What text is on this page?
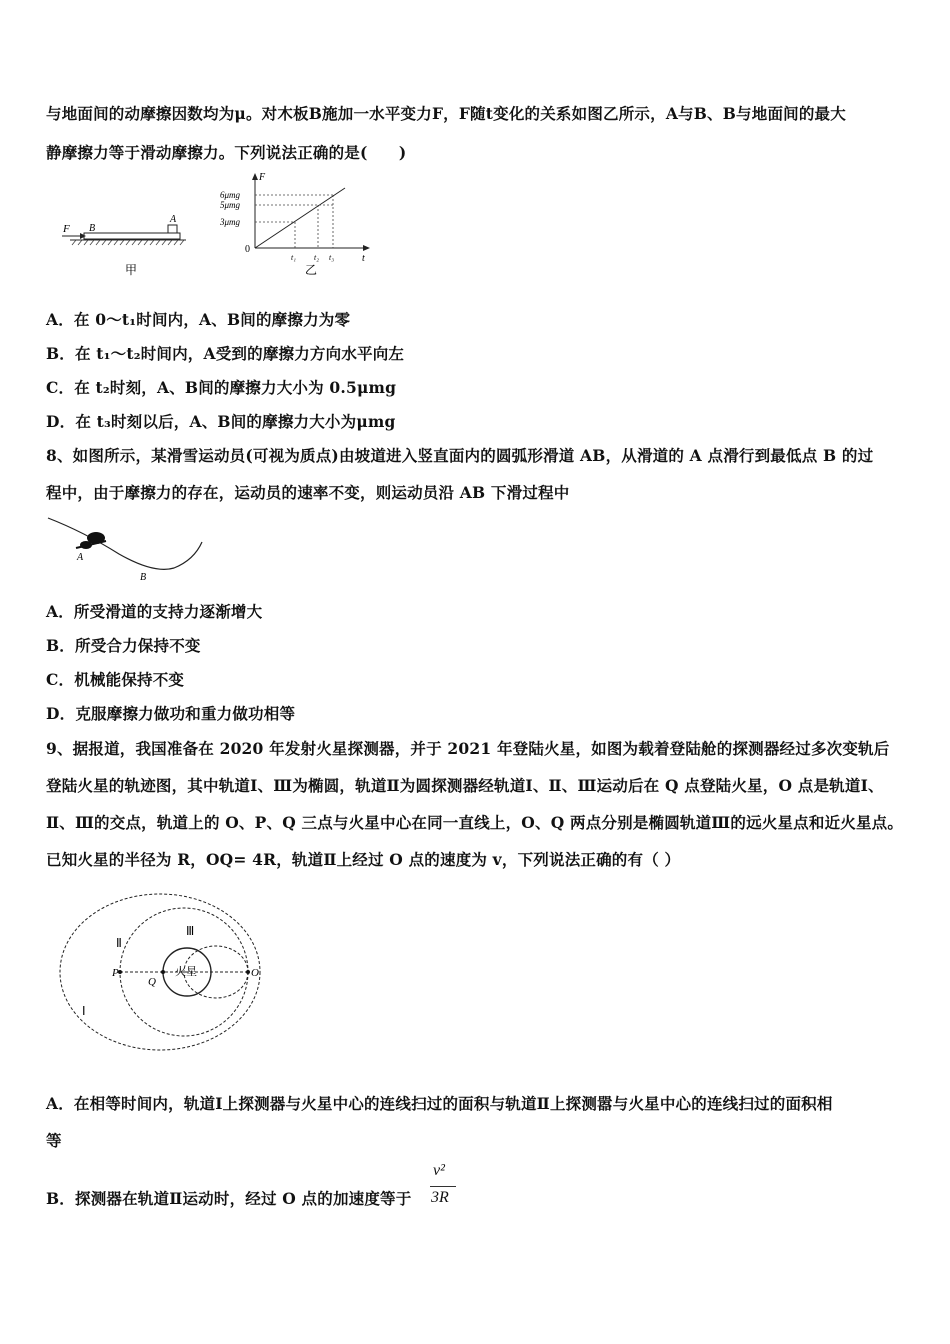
与地面间的动摩擦因数均为μ。对木板B施加一水平变力F，F随t变化的关系如图乙所示，A与B、B与地面间的最大
静摩擦力等于滑动摩擦力。下列说法正确的是(　　)
F B
A
甲
F
t
0
6μmg
5μmg
3μmg
t₁ t₂ t₃
乙
A．在 0～t₁时间内，A、B间的摩擦力为零
B．在 t₁～t₂时间内，A受到的摩擦力方向水平向左
C．在 t₂时刻，A、B间的摩擦力大小为 0.5μmg
D．在 t₃时刻以后，A、B间的摩擦力大小为μmg
8、如图所示，某滑雪运动员(可视为质点)由坡道进入竖直面内的圆弧形滑道 AB，从滑道的 A 点滑行到最低点 B 的过
程中，由于摩擦力的存在，运动员的速率不变，则运动员沿 AB 下滑过程中
A
B
A．所受滑道的支持力逐渐增大
B．所受合力保持不变
C．机械能保持不变
D．克服摩擦力做功和重力做功相等
9、据报道，我国准备在 2020 年发射火星探测器，并于 2021 年登陆火星，如图为载着登陆舱的探测器经过多次变轨后
登陆火星的轨迹图，其中轨道Ⅰ、Ⅲ为椭圆，轨道Ⅱ为圆探测器经轨道Ⅰ、Ⅱ、Ⅲ运动后在 Q 点登陆火星，O 点是轨道Ⅰ、
Ⅱ、Ⅲ的交点，轨道上的 O、P、Q 三点与火星中心在同一直线上，O、Q 两点分别是椭圆轨道Ⅲ的远火星点和近火星点。
已知火星的半径为 R，OQ= 4R，轨道Ⅱ上经过 O 点的速度为 v，下列说法正确的有（ ）
P
Q
O
火星
Ⅱ
Ⅲ
Ⅰ
A．在相等时间内，轨道Ⅰ上探测器与火星中心的连线扫过的面积与轨道Ⅱ上探测嚣与火星中心的连线扫过的面积相
等
B．探测器在轨道Ⅱ运动时，经过 O 点的加速度等于
v²
3R
